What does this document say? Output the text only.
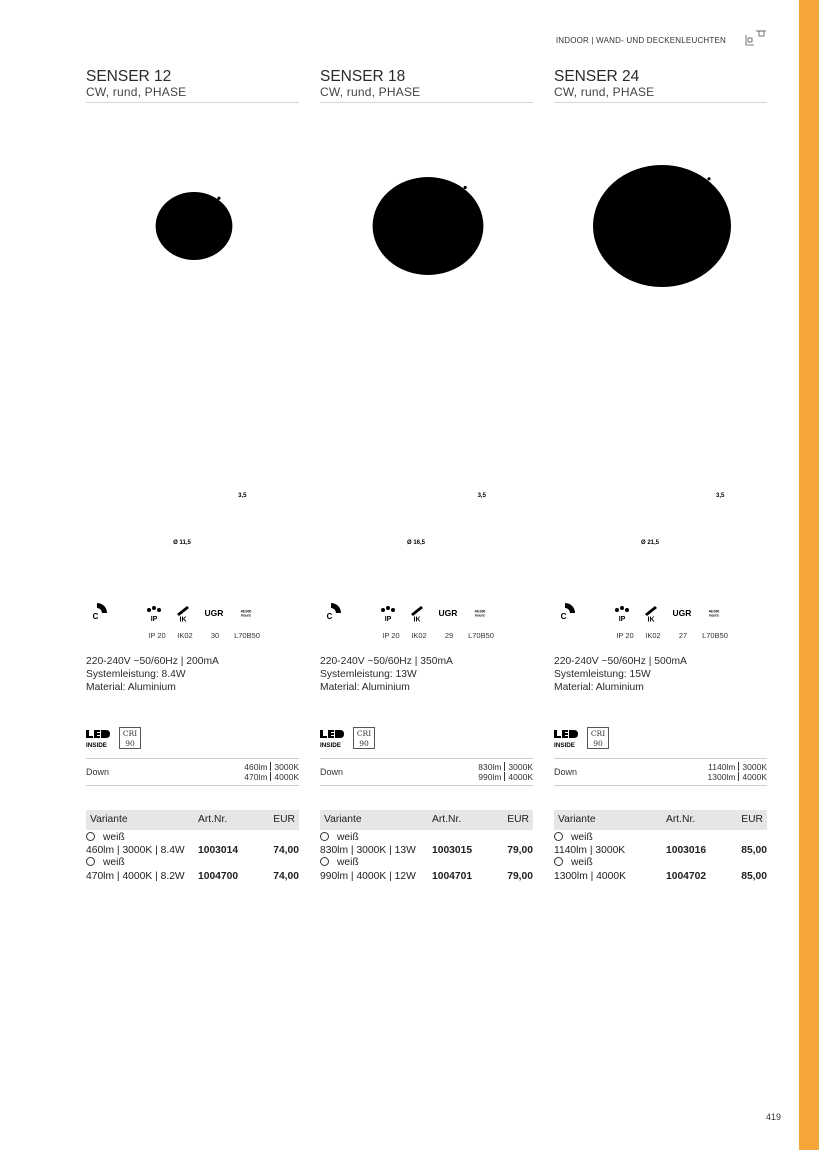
INDOOR | WAND- UND DECKENLEUCHTEN
419
SENSER 12
CW, rund, PHASE
Ø 11,5
3,5
C	IP	IK
UGR	48.000
hours
IP 20	IK02	30	L70B50
220-240V ~50/60Hz | 200mA
Systemleistung: 8.4W
Material: Aluminium
INSIDE
CRI
90
Down	460lm 3000K
470lm 4000K
Variante	Art.Nr.	EUR
weiß
460lm | 3000K | 8.4W 1003014	74,00
weiß
470lm | 4000K | 8.2W 1004700	74,00
SENSER 18
CW, rund, PHASE
Ø 16,5
3,5
C	IP	IK
UGR	48.000
hours
IP 20	IK02	29	L70B50
220-240V ~50/60Hz | 350mA
Systemleistung: 13W
Material: Aluminium
INSIDE
CRI
90
Down	830lm 3000K
990lm 4000K
Variante	Art.Nr.	EUR
weiß
830lm | 3000K | 13W 1003015	79,00
weiß
990lm | 4000K | 12W 1004701	79,00
SENSER 24
CW, rund, PHASE
Ø 21,5
3,5
C	IP	IK
UGR	48.000
hours
IP 20	IK02	27	L70B50
220-240V ~50/60Hz | 500mA
Systemleistung: 15W
Material: Aluminium
INSIDE
CRI
90
Down	1140lm 3000K
1300lm 4000K
Variante	Art.Nr.	EUR
weiß
1140lm | 3000K	1003016	85,00
weiß
1300lm | 4000K	1004702	85,00
